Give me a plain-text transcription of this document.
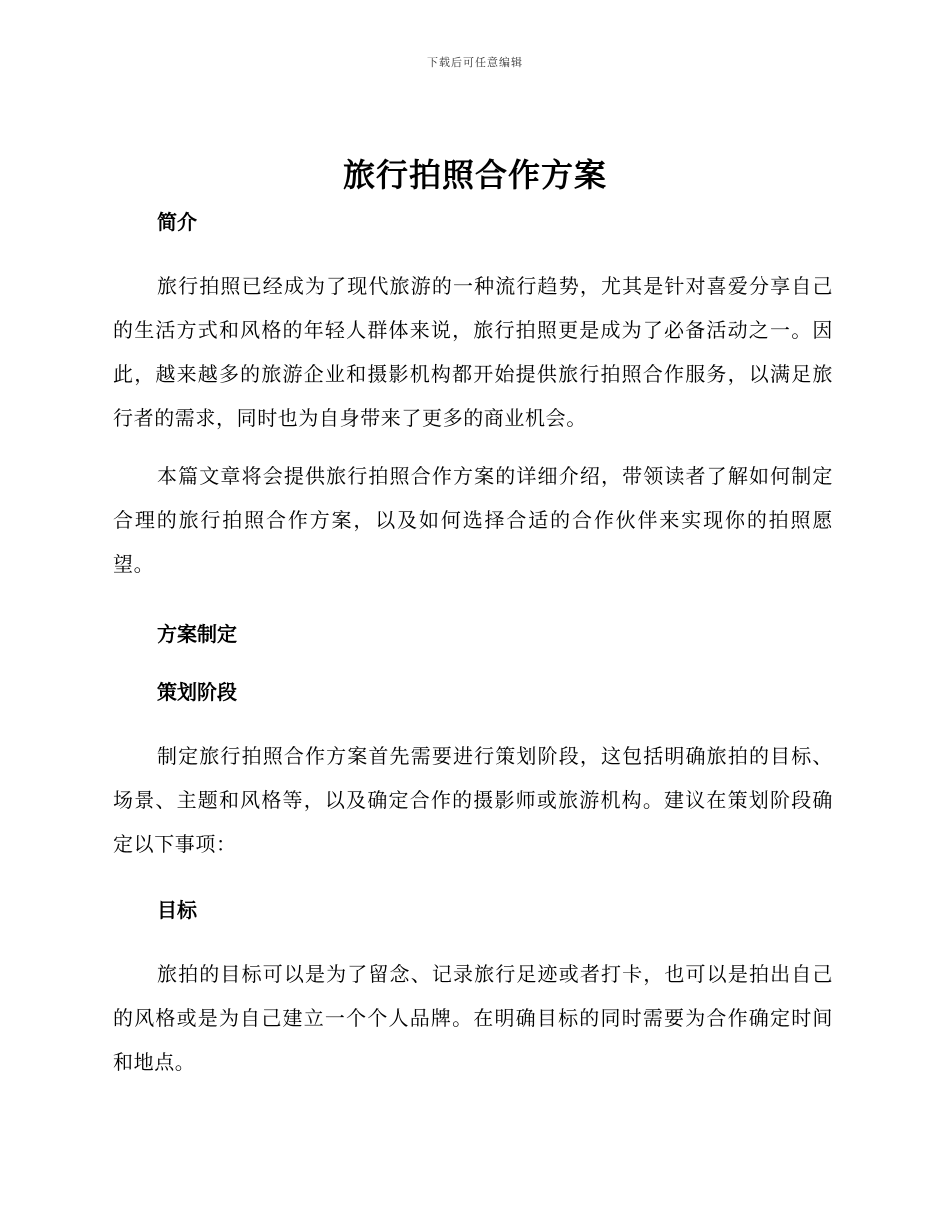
下载后可任意编辑
旅行拍照合作方案
简介

旅行拍照已经成为了现代旅游的一种流行趋势，尤其是针对喜爱分享自己的生活方式和风格的年轻人群体来说，旅行拍照更是成为了必备活动之一。因此，越来越多的旅游企业和摄影机构都开始提供旅行拍照合作服务，以满足旅行者的需求，同时也为自身带来了更多的商业机会。

本篇文章将会提供旅行拍照合作方案的详细介绍，带领读者了解如何制定合理的旅行拍照合作方案，以及如何选择合适的合作伙伴来实现你的拍照愿望。

方案制定
策划阶段

制定旅行拍照合作方案首先需要进行策划阶段，这包括明确旅拍的目标、场景、主题和风格等，以及确定合作的摄影师或旅游机构。建议在策划阶段确定以下事项：

目标

旅拍的目标可以是为了留念、记录旅行足迹或者打卡，也可以是拍出自己的风格或是为自己建立一个个人品牌。在明确目标的同时需要为合作确定时间和地点。
